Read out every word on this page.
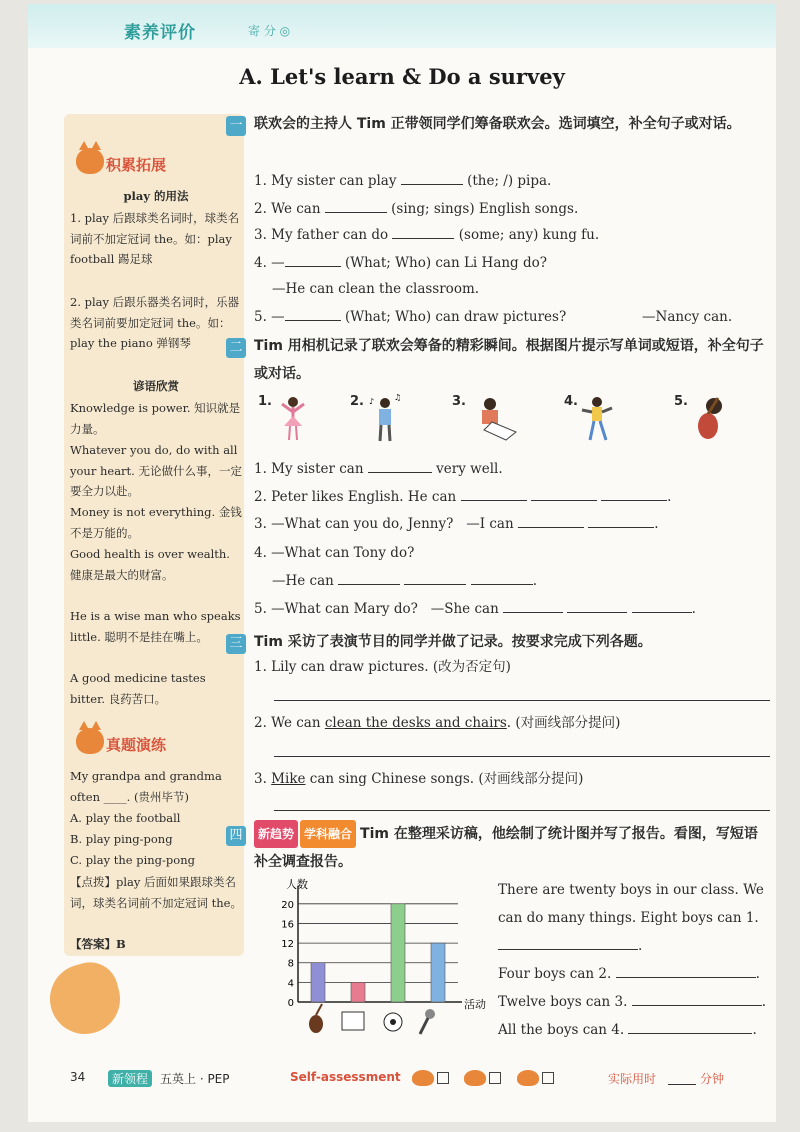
素养评价	寄 分 ◎
A. Let's learn & Do a survey
积累拓展
play 的用法
1. play 后跟球类名词时，球类名词前不加定冠词 the。如：play football 踢足球
2. play 后跟乐器类名词时，乐器类名词前要加定冠词 the。如：play the piano 弹钢琴
谚语欣赏
Knowledge is power. 知识就是力量。
Whatever you do, do with all your heart. 无论做什么事，一定要全力以赴。
Money is not everything. 金钱不是万能的。
Good health is over wealth. 健康是最大的财富。
He is a wise man who speaks little. 聪明不是挂在嘴上。
A good medicine tastes bitter. 良药苦口。
真题演练
My grandpa and grandma often ____. (贵州毕节)
A. play the football
B. play ping-pong
C. play the ping-pong
【点拨】play 后面如果跟球类名词，球类名词前不加定冠词 the。
【答案】B
一 联欢会的主持人 Tim 正带领同学们筹备联欢会。选词填空，补全句子或对话。
1. My sister can play	(the; /) pipa.
2. We can	(sing; sings) English songs.
3. My father can do	(some; any) kung fu.
4. —	(What; Who) can Li Hang do?
—He can clean the classroom.
5. —	(What; Who) can draw pictures?	—Nancy can.
二 Tim 用相机记录了联欢会筹备的精彩瞬间。根据图片提示写单词或短语，补全句子或对话。
1.	2. ♪ ♫	3.	4.	5.
1. My sister can	very well.
2. Peter likes English. He can	.
3. —What can you do, Jenny? —I can	.
4. —What can Tony do?
—He can	.
5. —What can Mary do? —She can	.
三 Tim 采访了表演节目的同学并做了记录。按要求完成下列各题。
1. Lily can draw pictures. (改为否定句)
2. We can clean the desks and chairs. (对画线部分提问)
3. Mike can sing Chinese songs. (对画线部分提问)
四	新趋势 学科融合 Tim 在整理采访稿，他绘制了统计图并写了报告。看图，写短语补全调查报告。
人数
0
4
8
12
16
20
活动
There are twenty boys in our class. We can do many things. Eight boys can 1. .
Four boys can 2.	.
Twelve boys can 3.	.
All the boys can 4.	.
34	新领程 五英上 · PEP	Self-assessment
	实际用时	分钟
